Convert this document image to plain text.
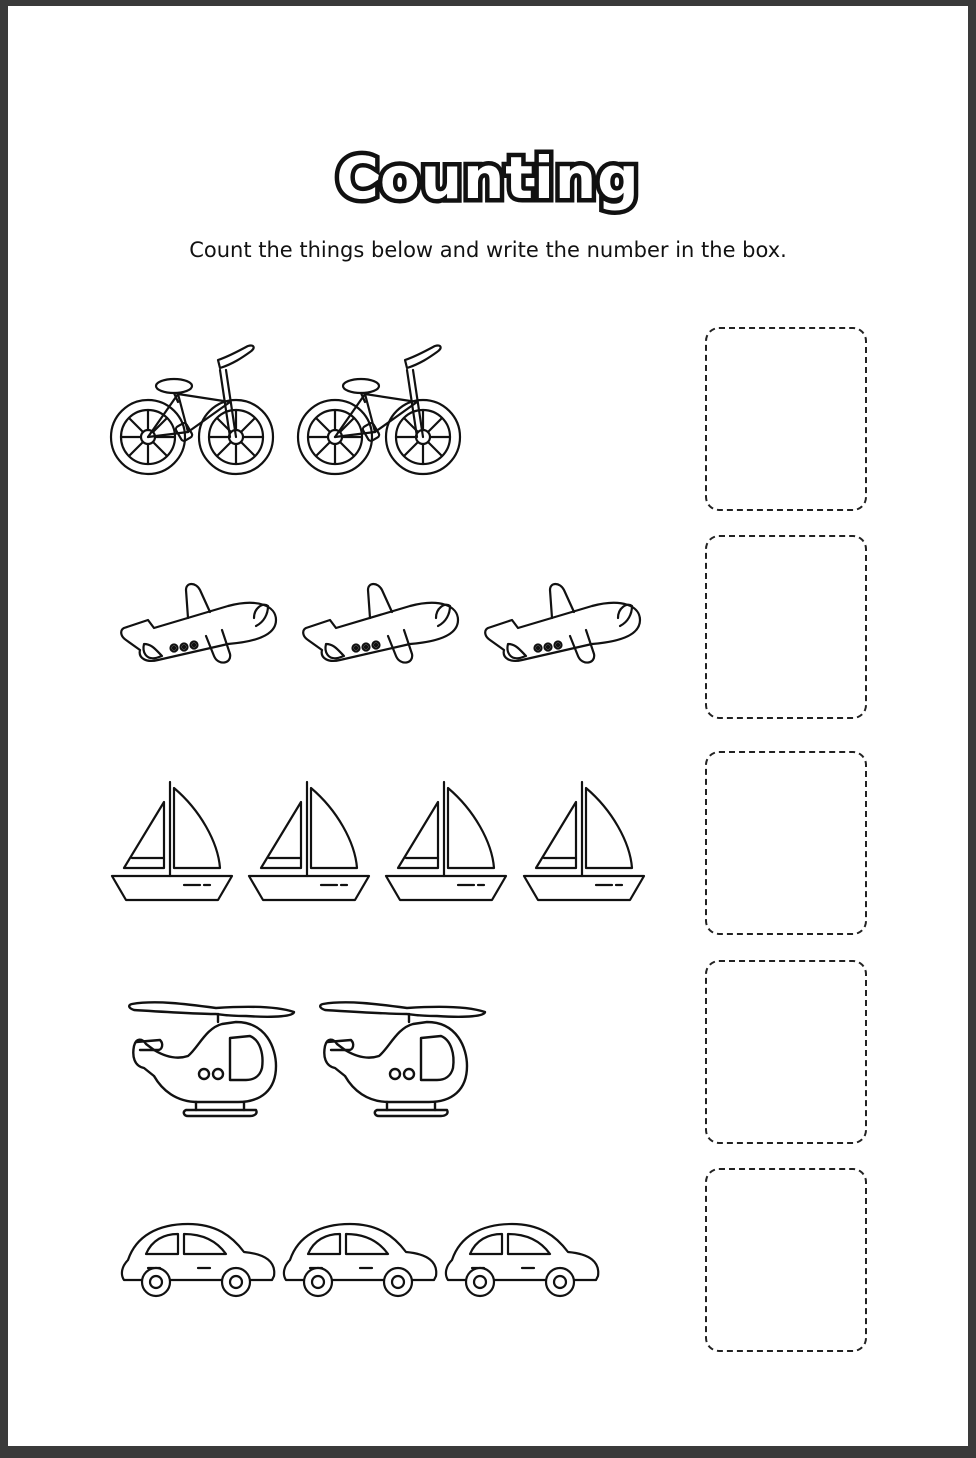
Counting
Count the things below and write the number in the box.
